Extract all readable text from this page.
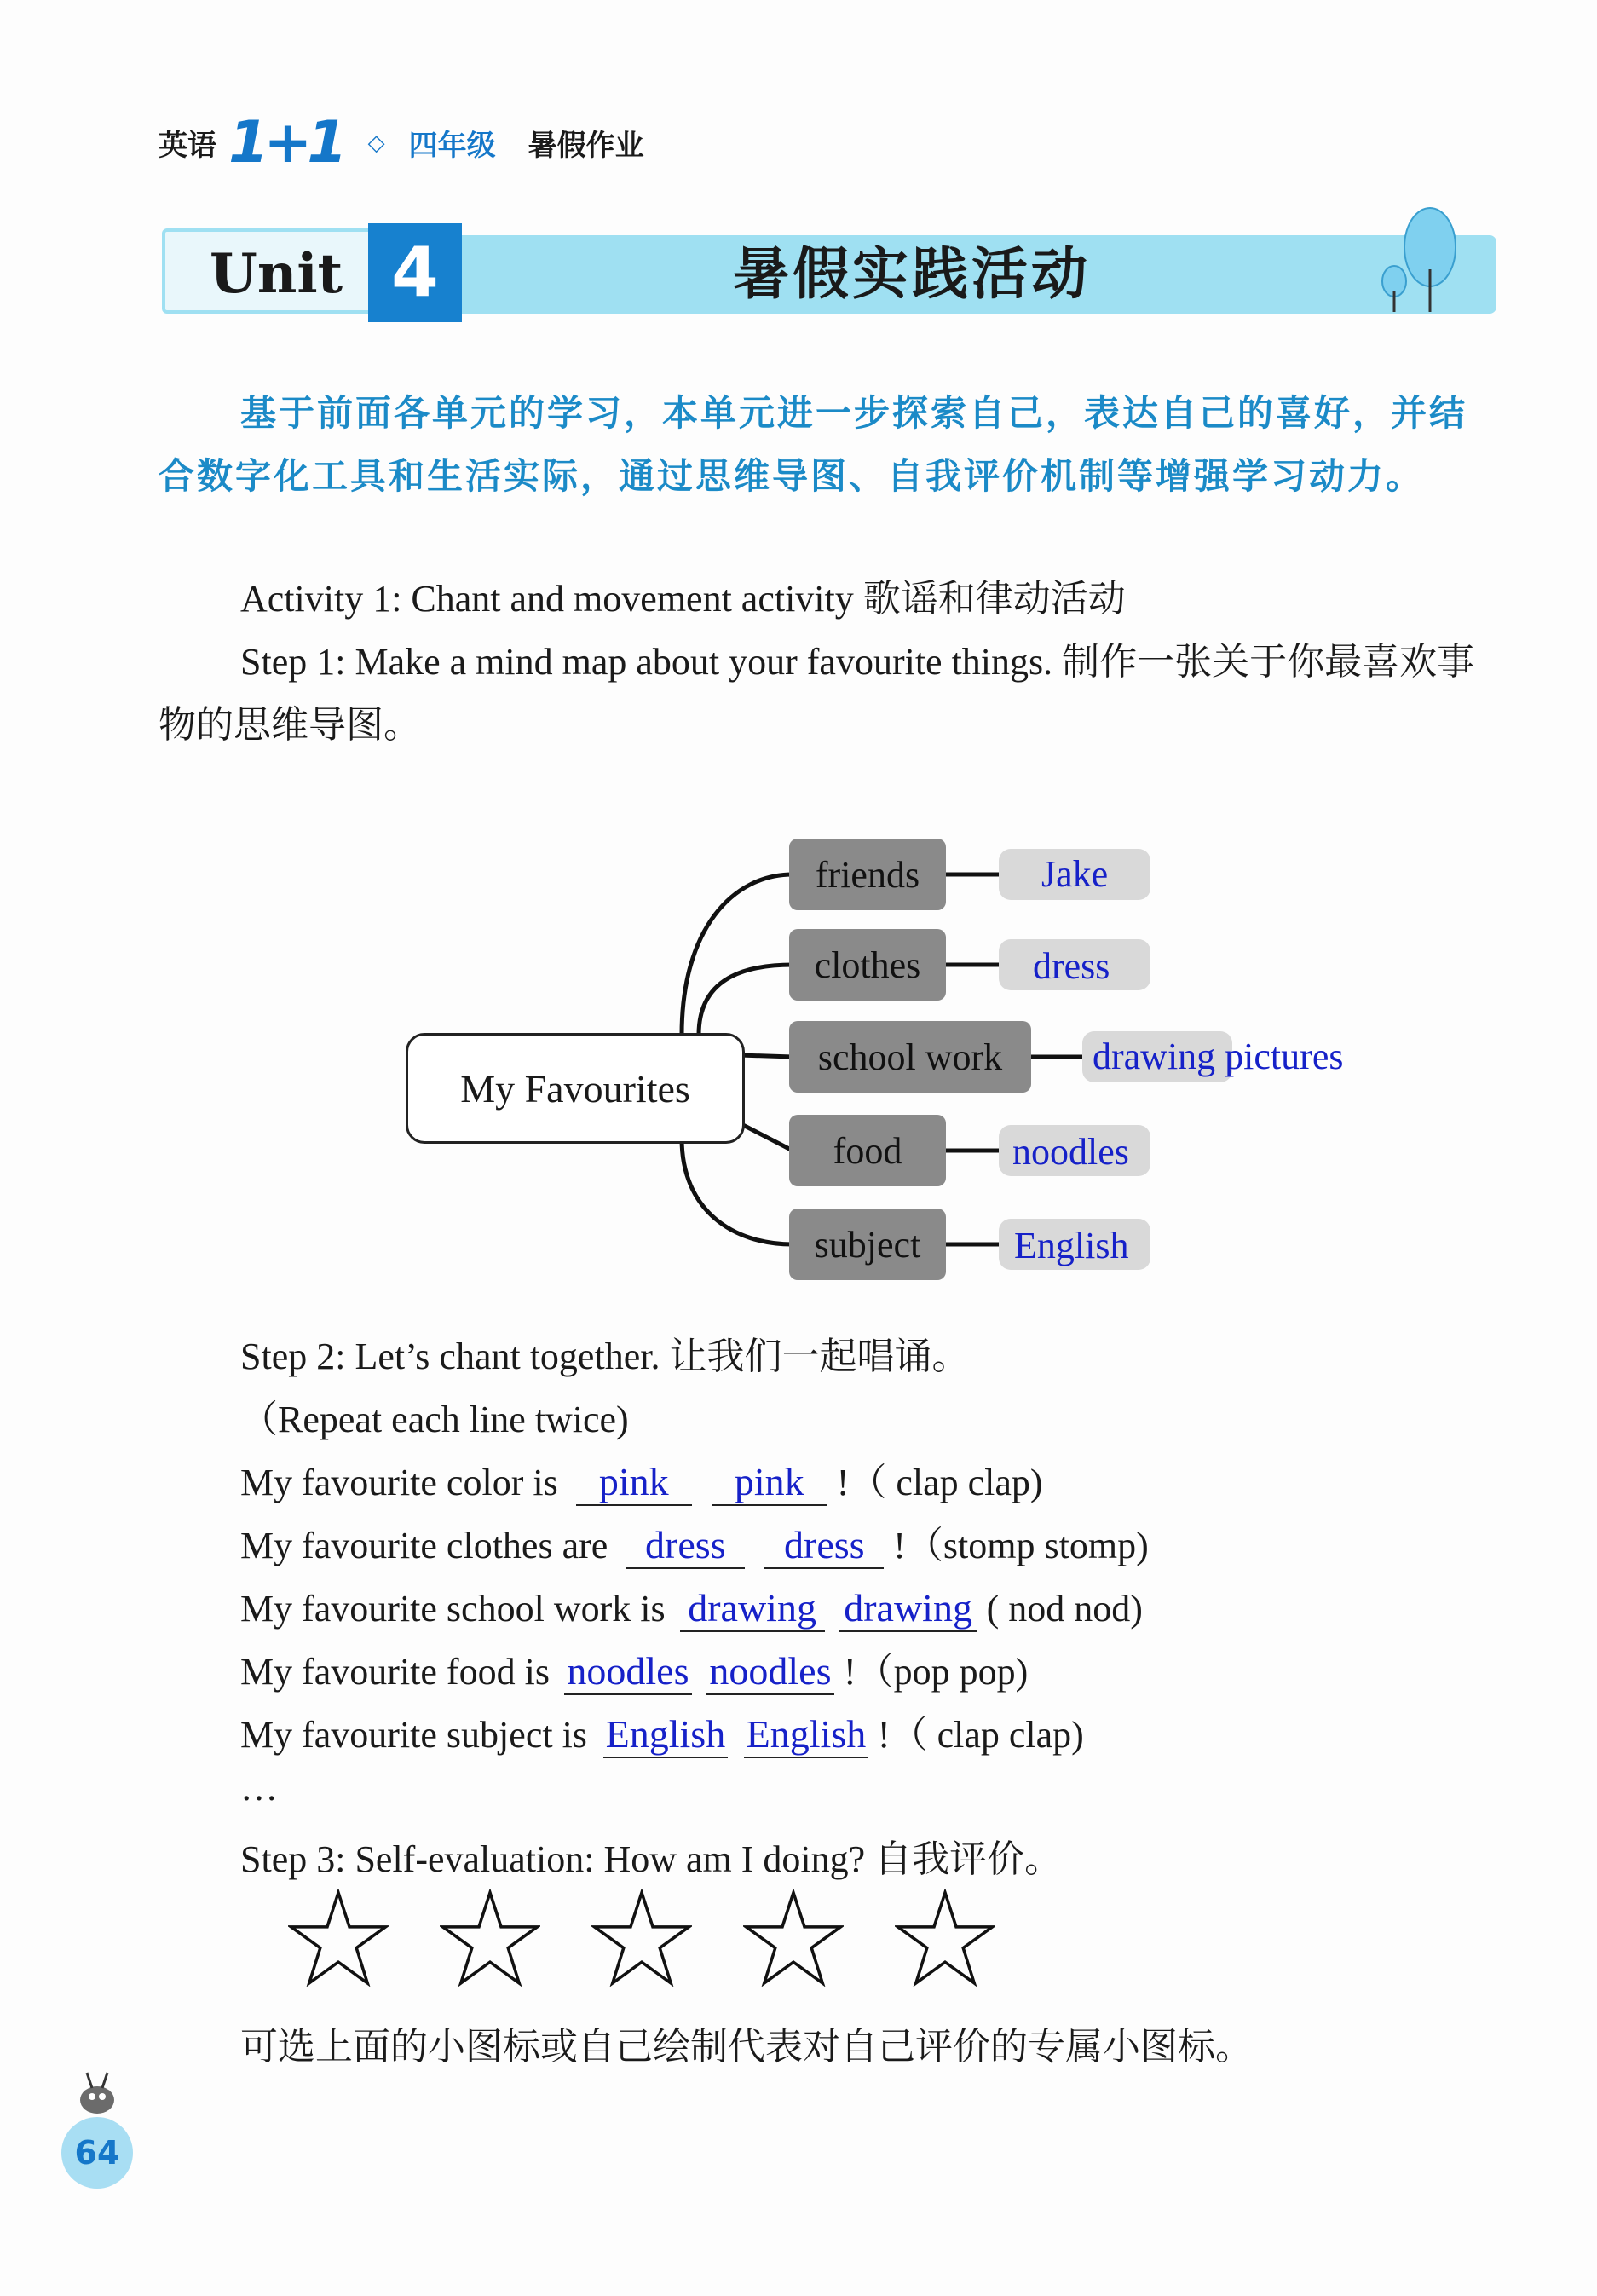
英语 1+1 ◇ 四年级 暑假作业
Unit 4	暑假实践活动
基于前面各单元的学习，本单元进一步探索自己，表达自己的喜好，并结合数字化工具和生活实际，通过思维导图、自我评价机制等增强学习动力。
Activity 1: Chant and movement activity 歌谣和律动活动
Step 1: Make a mind map about your favourite things. 制作一张关于你最喜欢事物的思维导图。
My Favourites
friends
clothes
school work
food
subject
Jake
dress
drawing pictures
noodles
English
Step 2: Let’s chant together. 让我们一起唱诵。
（Repeat each line twice)
My favourite color is pink pink !（ clap clap)
My favourite clothes are dress dress !（stomp stomp)
My favourite school work is drawing drawing ( nod nod)
My favourite food is noodles noodles !（pop pop)
My favourite subject is English English !（ clap clap)
…
Step 3: Self-evaluation: How am I doing? 自我评价。
可选上面的小图标或自己绘制代表对自己评价的专属小图标。
64
